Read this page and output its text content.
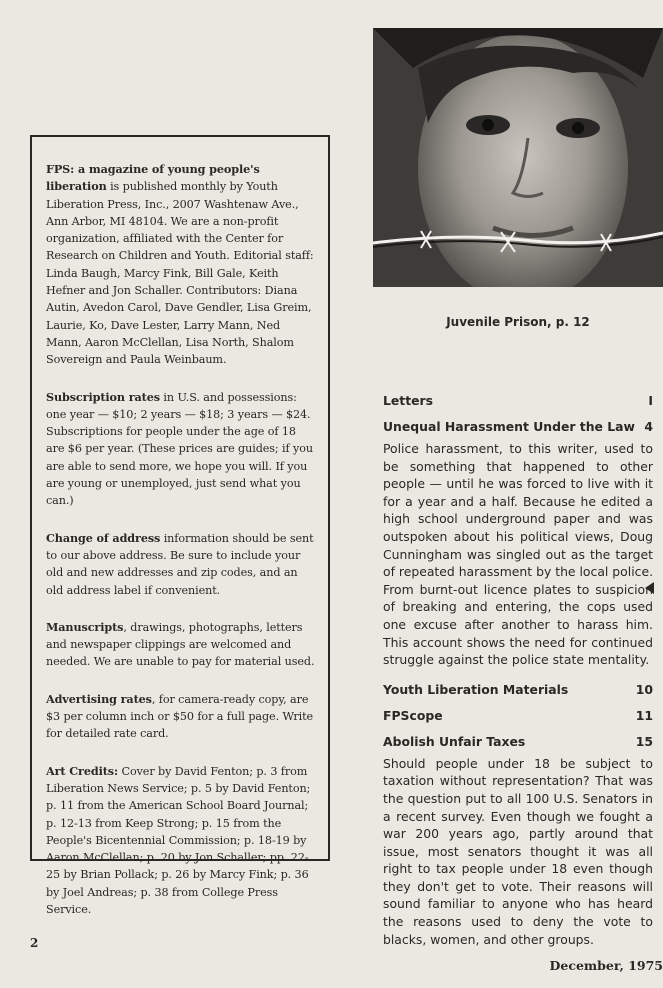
FPS: a magazine of young people's liberation is published monthly by Youth Liberation Press, Inc., 2007 Washtenaw Ave., Ann Arbor, MI 48104. We are a non-profit organization, affiliated with the Center for Research on Children and Youth. Editorial staff: Linda Baugh, Marcy Fink, Bill Gale, Keith Hefner and Jon Schaller. Contributors: Diana Autin, Avedon Carol, Dave Gendler, Lisa Greim, Laurie, Ko, Dave Lester, Larry Mann, Ned Mann, Aaron McClellan, Lisa North, Shalom Sovereign and Paula Weinbaum.

Subscription rates in U.S. and possessions: one year — $10; 2 years — $18; 3 years — $24. Subscriptions for people under the age of 18 are $6 per year. (These prices are guides; if you are able to send more, we hope you will. If you are young or unemployed, just send what you can.)

Change of address information should be sent to our above address. Be sure to include your old and new addresses and zip codes, and an old address label if convenient.

Manuscripts, drawings, photographs, letters and newspaper clippings are welcomed and needed. We are unable to pay for material used.

Advertising rates, for camera-ready copy, are $3 per column inch or $50 for a full page. Write for detailed rate card.

Art Credits: Cover by David Fenton; p. 3 from Liberation News Service; p. 5 by David Fenton; p. 11 from the American School Board Journal; p. 12-13 from Keep Strong; p. 15 from the People's Bicentennial Commission; p. 18-19 by Aaron McClellan; p. 20 by Jon Schaller; pp. 22-25 by Brian Pollack; p. 26 by Marcy Fink; p. 36 by Joel Andreas; p. 38 from College Press Service.

Juvenile Prison, p. 12
Letters	I
Unequal Harassment Under the Law 4

Police harassment, to this writer, used to be something that happened to other people — until he was forced to live with it for a year and a half. Because he edited a high school underground paper and was outspoken about his political views, Doug Cunningham was singled out as the target of repeated harassment by the local police. From burnt-out licence plates to suspicion of breaking and entering, the cops used one excuse after another to harass him. This account shows the need for continued struggle against the police state mentality.

Youth Liberation Materials	10
FPScope	11
Abolish Unfair Taxes	15

Should people under 18 be subject to taxation without representation? That was the question put to all 100 U.S. Senators in a recent survey. Even though we fought a war 200 years ago, partly around that issue, most senators thought it was all right to tax people under 18 even though they don't get to vote. Their reasons will sound familiar to anyone who has heard the reasons used to deny the vote to blacks, women, and other groups.

2
December, 1975
